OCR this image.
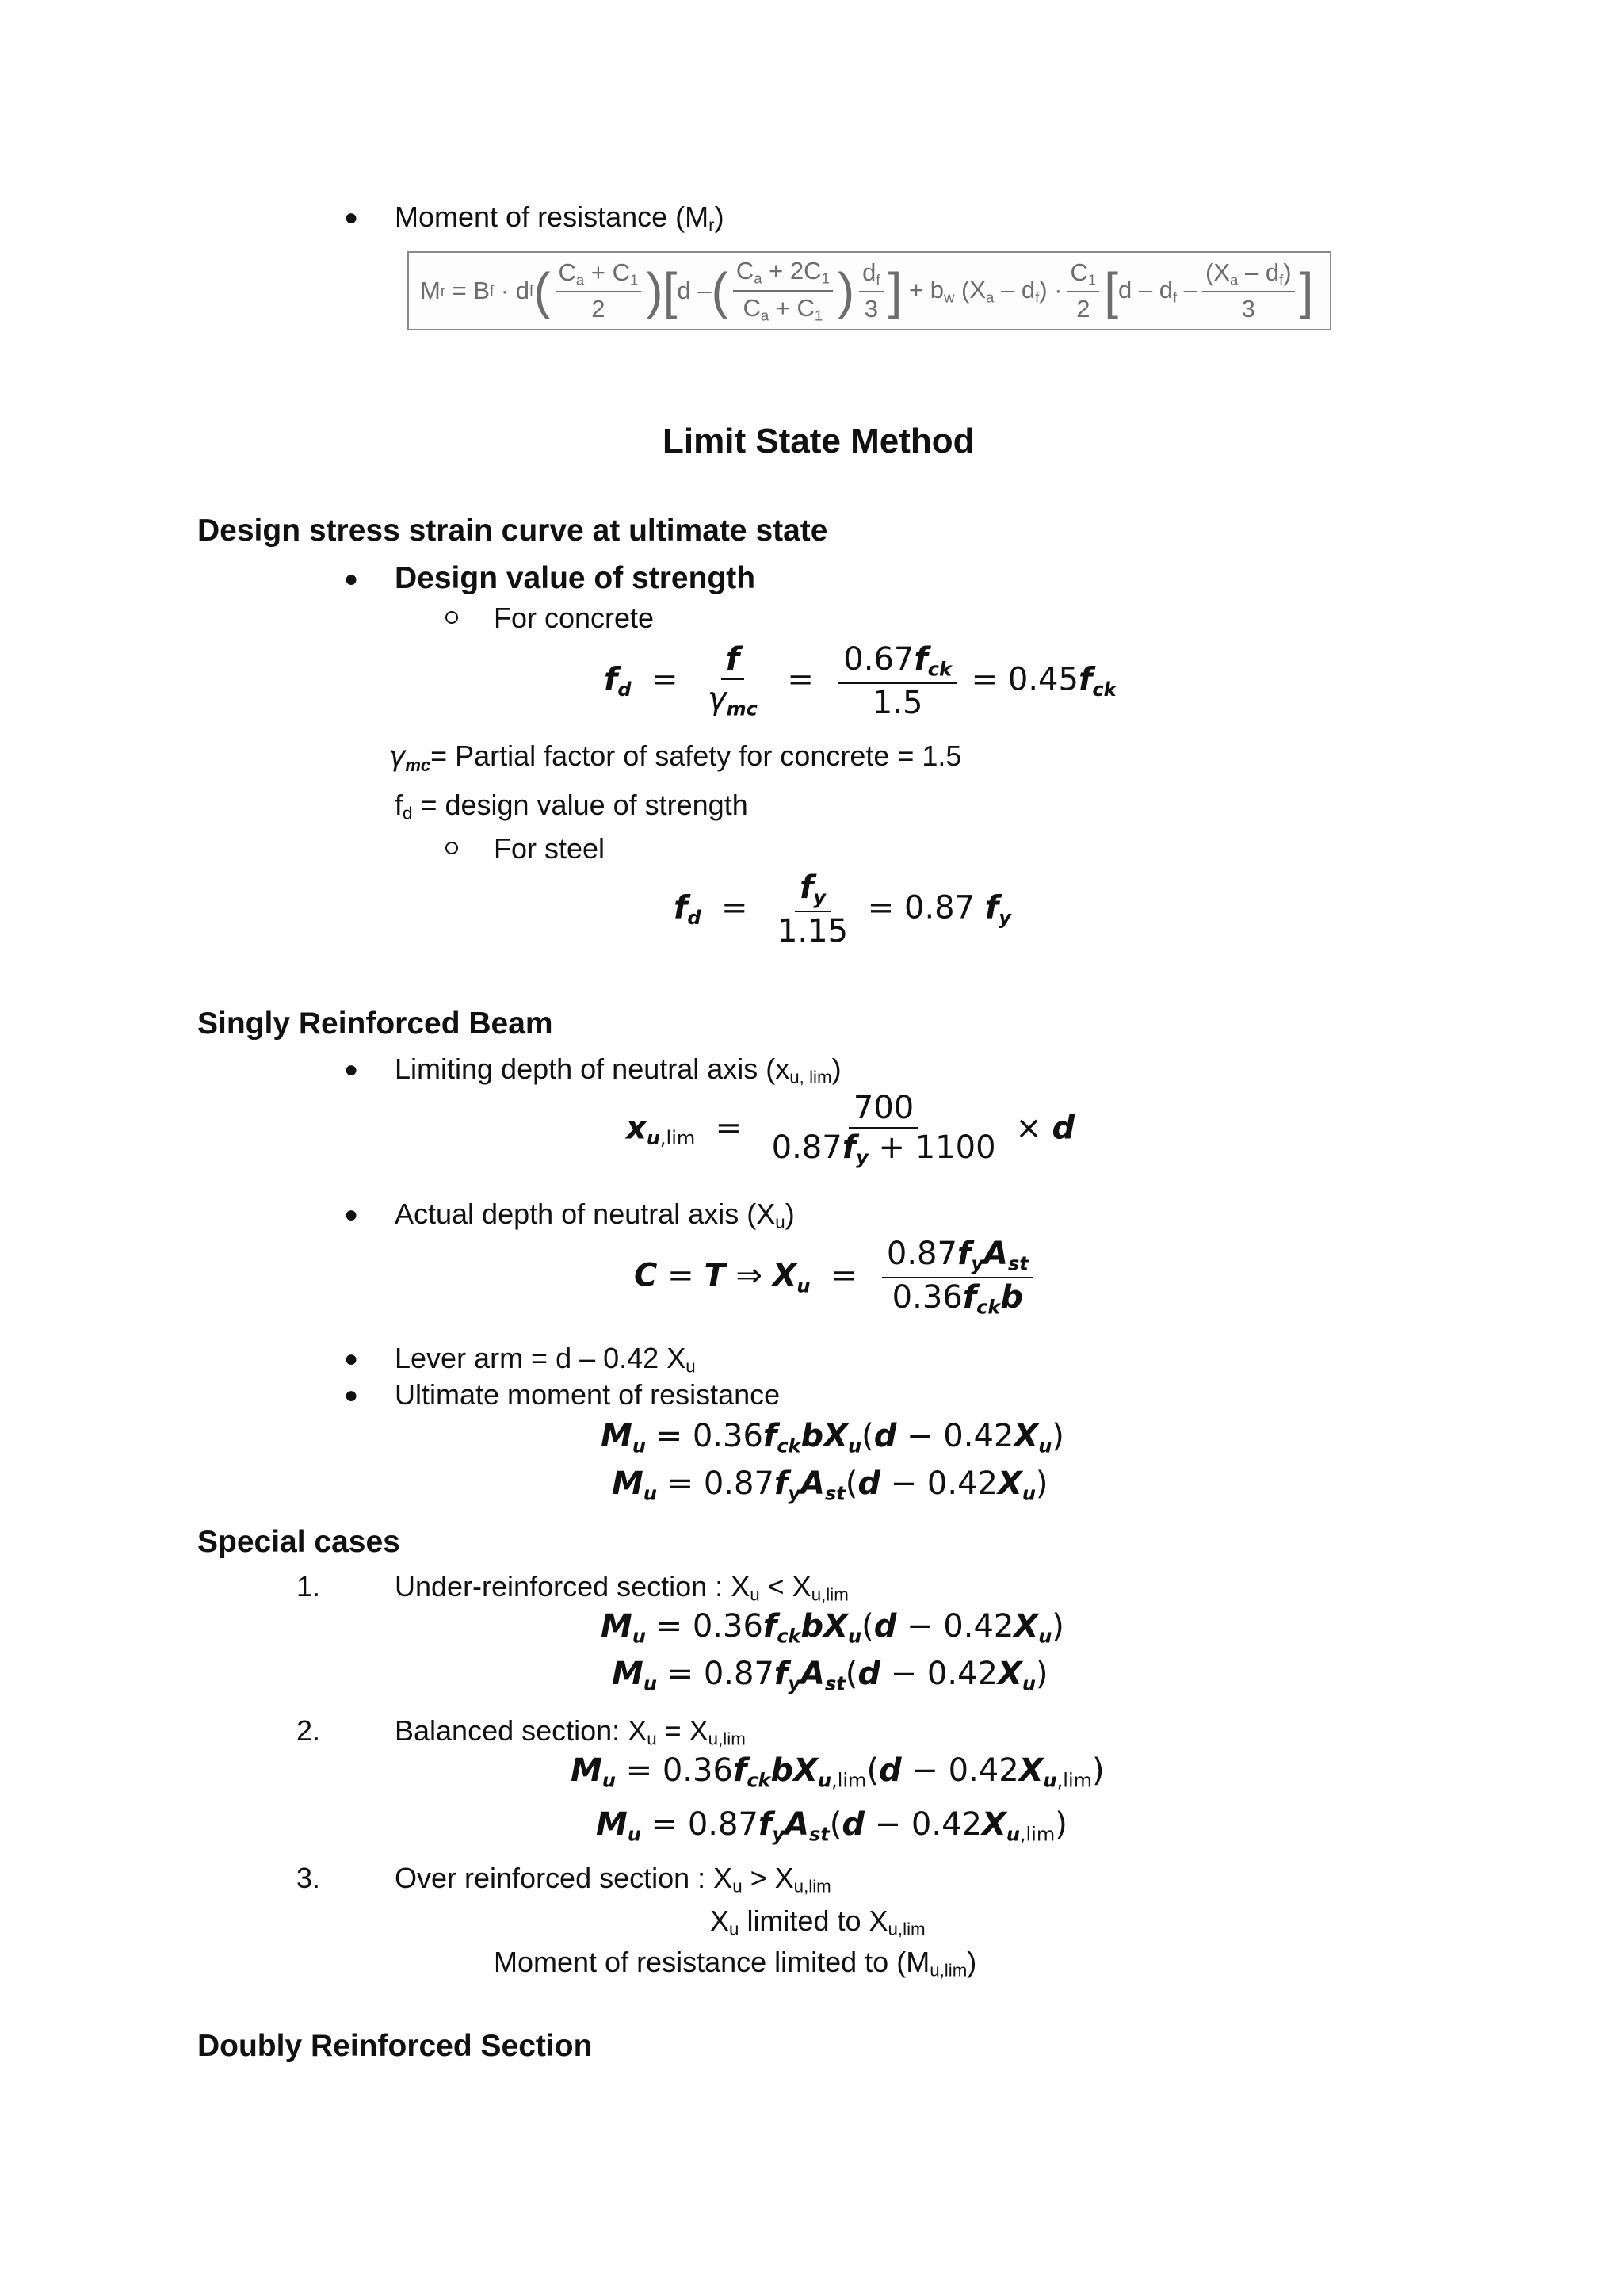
● Moment of resistance $(M_r)$
M r = B f · d f ( $\frac{Ca + C1}{2}$ ) [ d – ( $\frac{Ca + 2C1}{Ca + C1}$ ) $\frac{df}{3}$ ] + bw $(Xa - df) \cdot \frac{C1}{2}$ [ d – df – $\frac{(Xa - df)}{3}$ ]
Limit State Method
Design stress strain curve at ultimate state
● Design value of strength
For concrete
fd  = $\frac{f}{\text{γmc}} = \frac{\text{0.67fck}}{1.5} = 0.45fck$
γmc= Partial factor of safety for concrete = 1.5
$f_d$ = design value of strength
For steel
fd  = $\frac{fy}{1.15} = 0.87$ fy
Singly Reinforced Beam
● Limiting depth of neutral axis $(x_{u, lim})$
$xu,\lim = \frac{700}{0.87fy + 1100} \times d$
● Actual depth of neutral axis $(X_u)$
C = T ⇒ $Xu = \frac{\text{0.87fyAst}}{\text{0.36fckb}}$
● Lever arm = d – 0.42 $X_u$
● Ultimate moment of resistance
Mu = 0.36fckbXu(d − 0.42Xu)
Mu = 0.87fyAst(d − 0.42Xu)
Special cases
1.	Under-reinforced section : $X_u < X_{u,lim}$
Mu = 0.36fckbXu(d − 0.42Xu)
Mu = 0.87fyAst(d − 0.42Xu)
2.	Balanced section: $X_u = X_{u,lim}$
Mu = 0.36fckbXu,lim(d − 0.42Xu,lim)
Mu = 0.87fyAst(d − 0.42Xu,lim)
3.	Over reinforced section : $X_u > X_{u,lim}$
$X_u$ limited to $X_{u,lim}$
Moment of resistance limited to $(M_{u,lim})$
Doubly Reinforced Section
